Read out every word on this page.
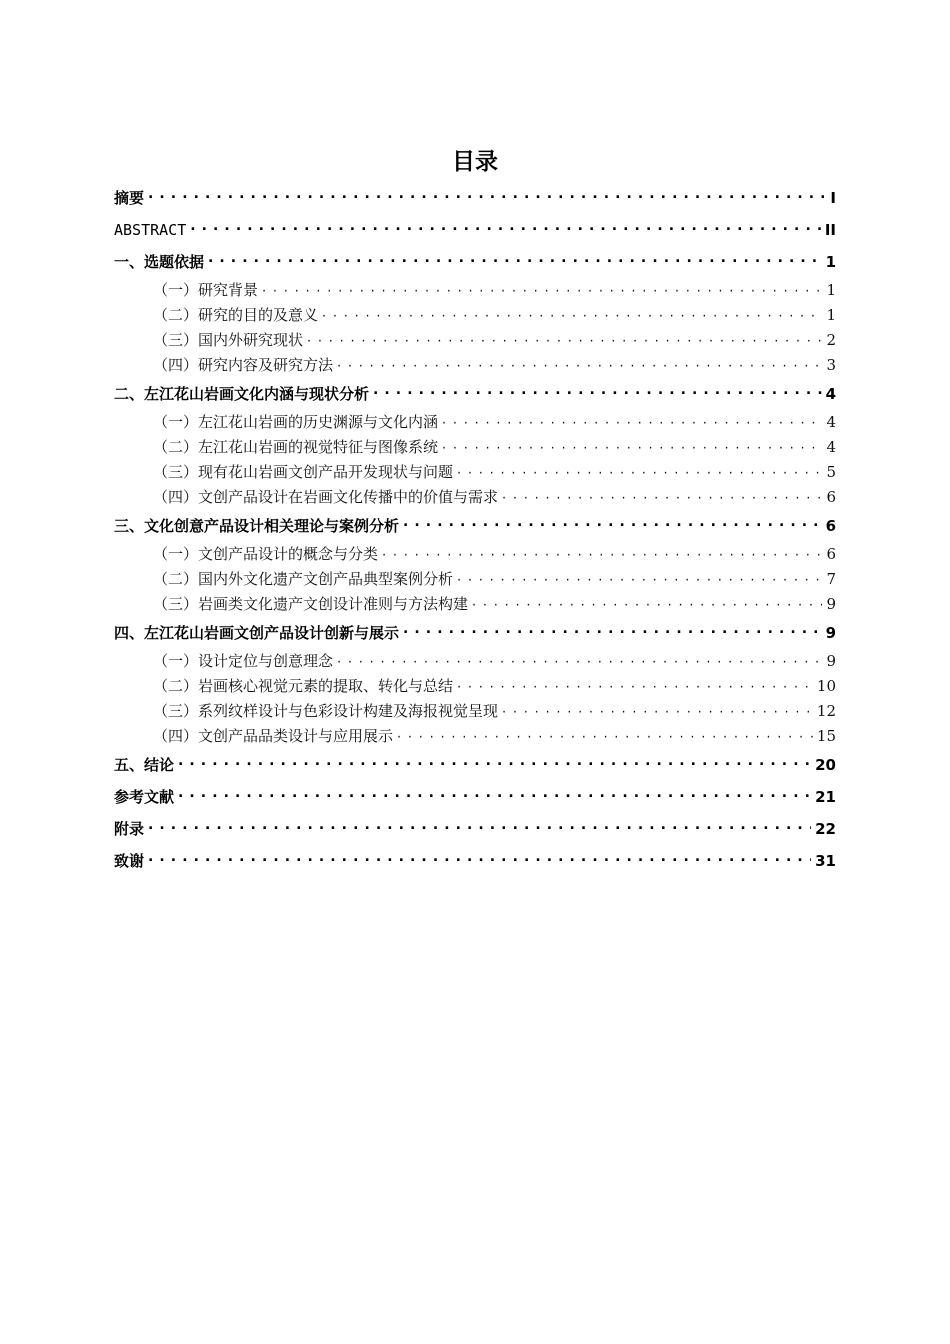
目录
摘要 . . .	I
ABSTRACT . . .	II
一、选题依据 . . .	1
（一）研究背景 . . .	1
（二）研究的目的及意义 . . .	1
（三）国内外研究现状 . . .	2
（四）研究内容及研究方法 . . .	3
二、左江花山岩画文化内涵与现状分析 . . .	4
（一）左江花山岩画的历史渊源与文化内涵 . . .	4
（二）左江花山岩画的视觉特征与图像系统 . . .	4
（三）现有花山岩画文创产品开发现状与问题 . . .	5
（四）文创产品设计在岩画文化传播中的价值与需求 . . .	6
三、文化创意产品设计相关理论与案例分析 . . .	6
（一）文创产品设计的概念与分类 . . .	6
（二）国内外文化遗产文创产品典型案例分析 . . .	7
（三）岩画类文化遗产文创设计准则与方法构建 . . .	9
四、左江花山岩画文创产品设计创新与展示 . . .	9
（一）设计定位与创意理念 . . .	9
（二）岩画核心视觉元素的提取、转化与总结 . . .	10
（三）系列纹样设计与色彩设计构建及海报视觉呈现 . . .	12
（四）文创产品品类设计与应用展示 . . .	15
五、结论 . . .	20
参考文献 . . .	21
附录 . . .	22
致谢 . . .	31
